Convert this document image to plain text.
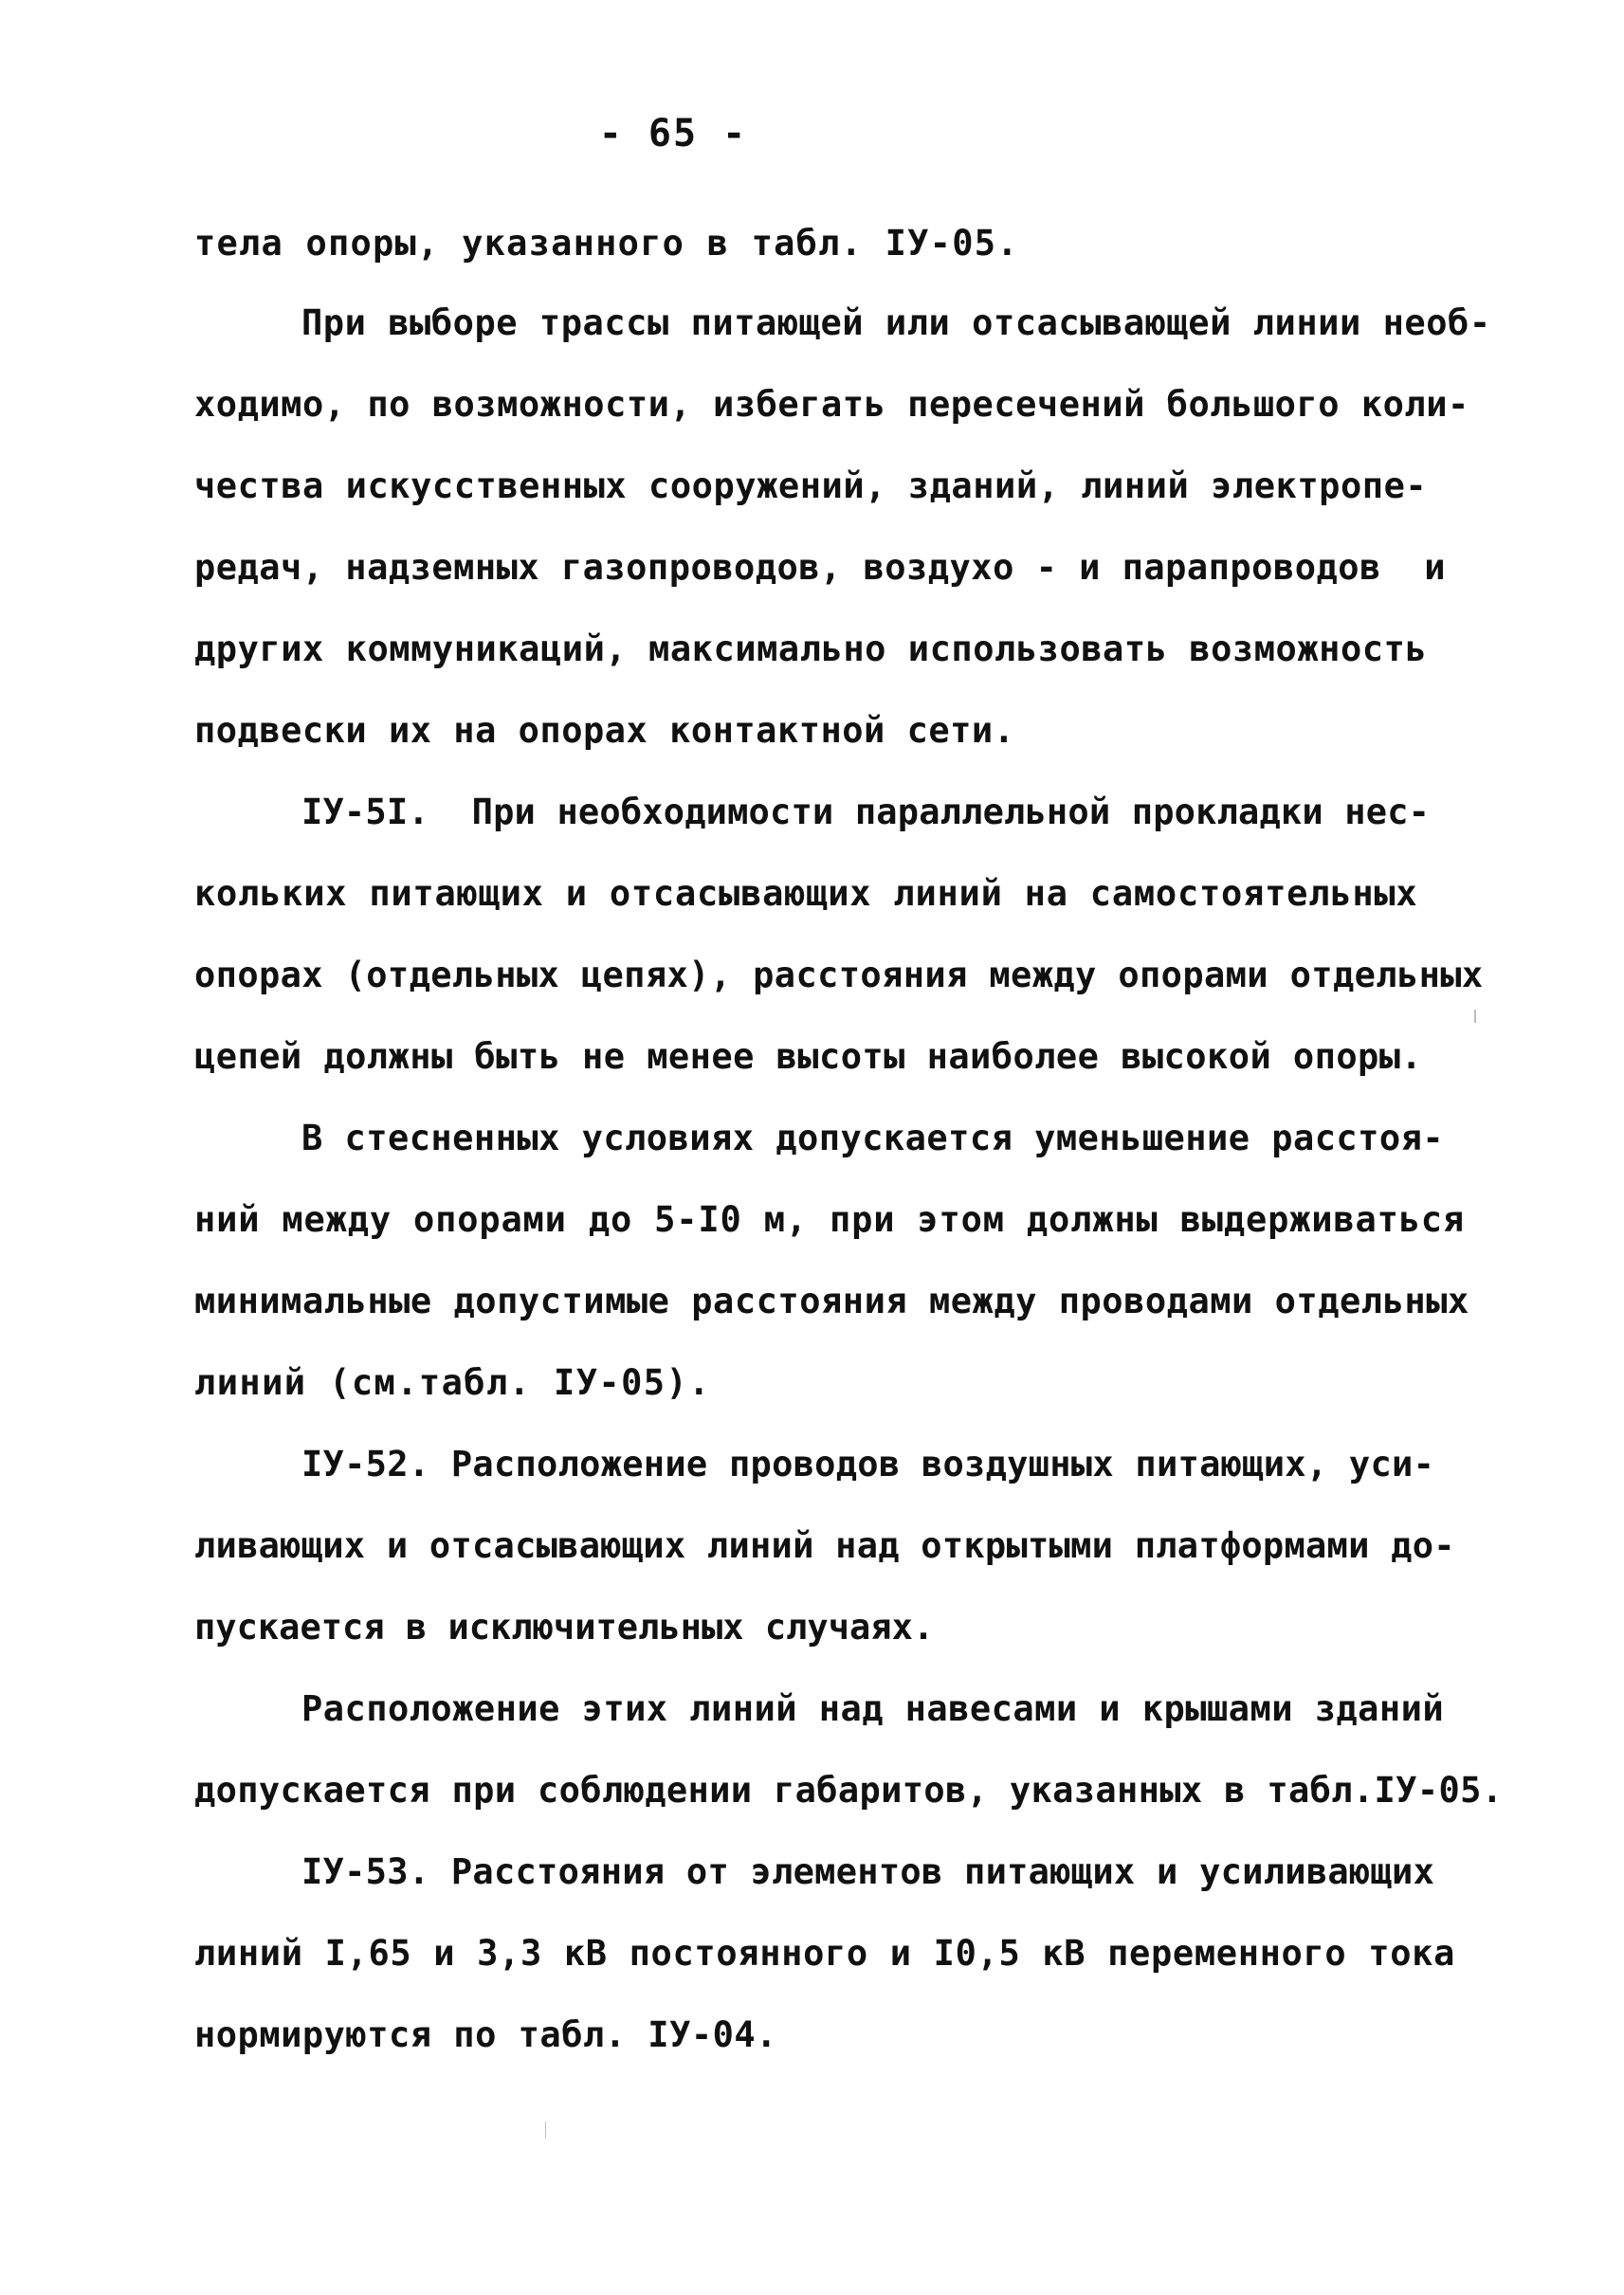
- 65 -
тела опоры, указанного в табл. IУ-05.
При выборе трассы питающей или отсасывающей линии необ-
ходимо, по возможности, избегать пересечений большого коли-
чества искусственных сооружений, зданий, линий электропе-
редач, надземных газопроводов, воздухо - и парапроводов  и
других коммуникаций, максимально использовать возможность
подвески их на опорах контактной сети.
IУ-5I.  При необходимости параллельной прокладки нес-
кольких питающих и отсасывающих линий на самостоятельных
опорах (отдельных цепях), расстояния между опорами отдельных
цепей должны быть не менее высоты наиболее высокой опоры.
В стесненных условиях допускается уменьшение расстоя-
ний между опорами до 5-I0 м, при этом должны выдерживаться
минимальные допустимые расстояния между проводами отдельных
линий (см.табл. IУ-05).
IУ-52. Расположение проводов воздушных питающих, уси-
ливающих и отсасывающих линий над открытыми платформами до-
пускается в исключительных случаях.
Расположение этих линий над навесами и крышами зданий
допускается при соблюдении габаритов, указанных в табл.IУ-05.
IУ-53. Расстояния от элементов питающих и усиливающих
линий I,65 и 3,3 кВ постоянного и I0,5 кВ переменного тока
нормируются по табл. IУ-04.
